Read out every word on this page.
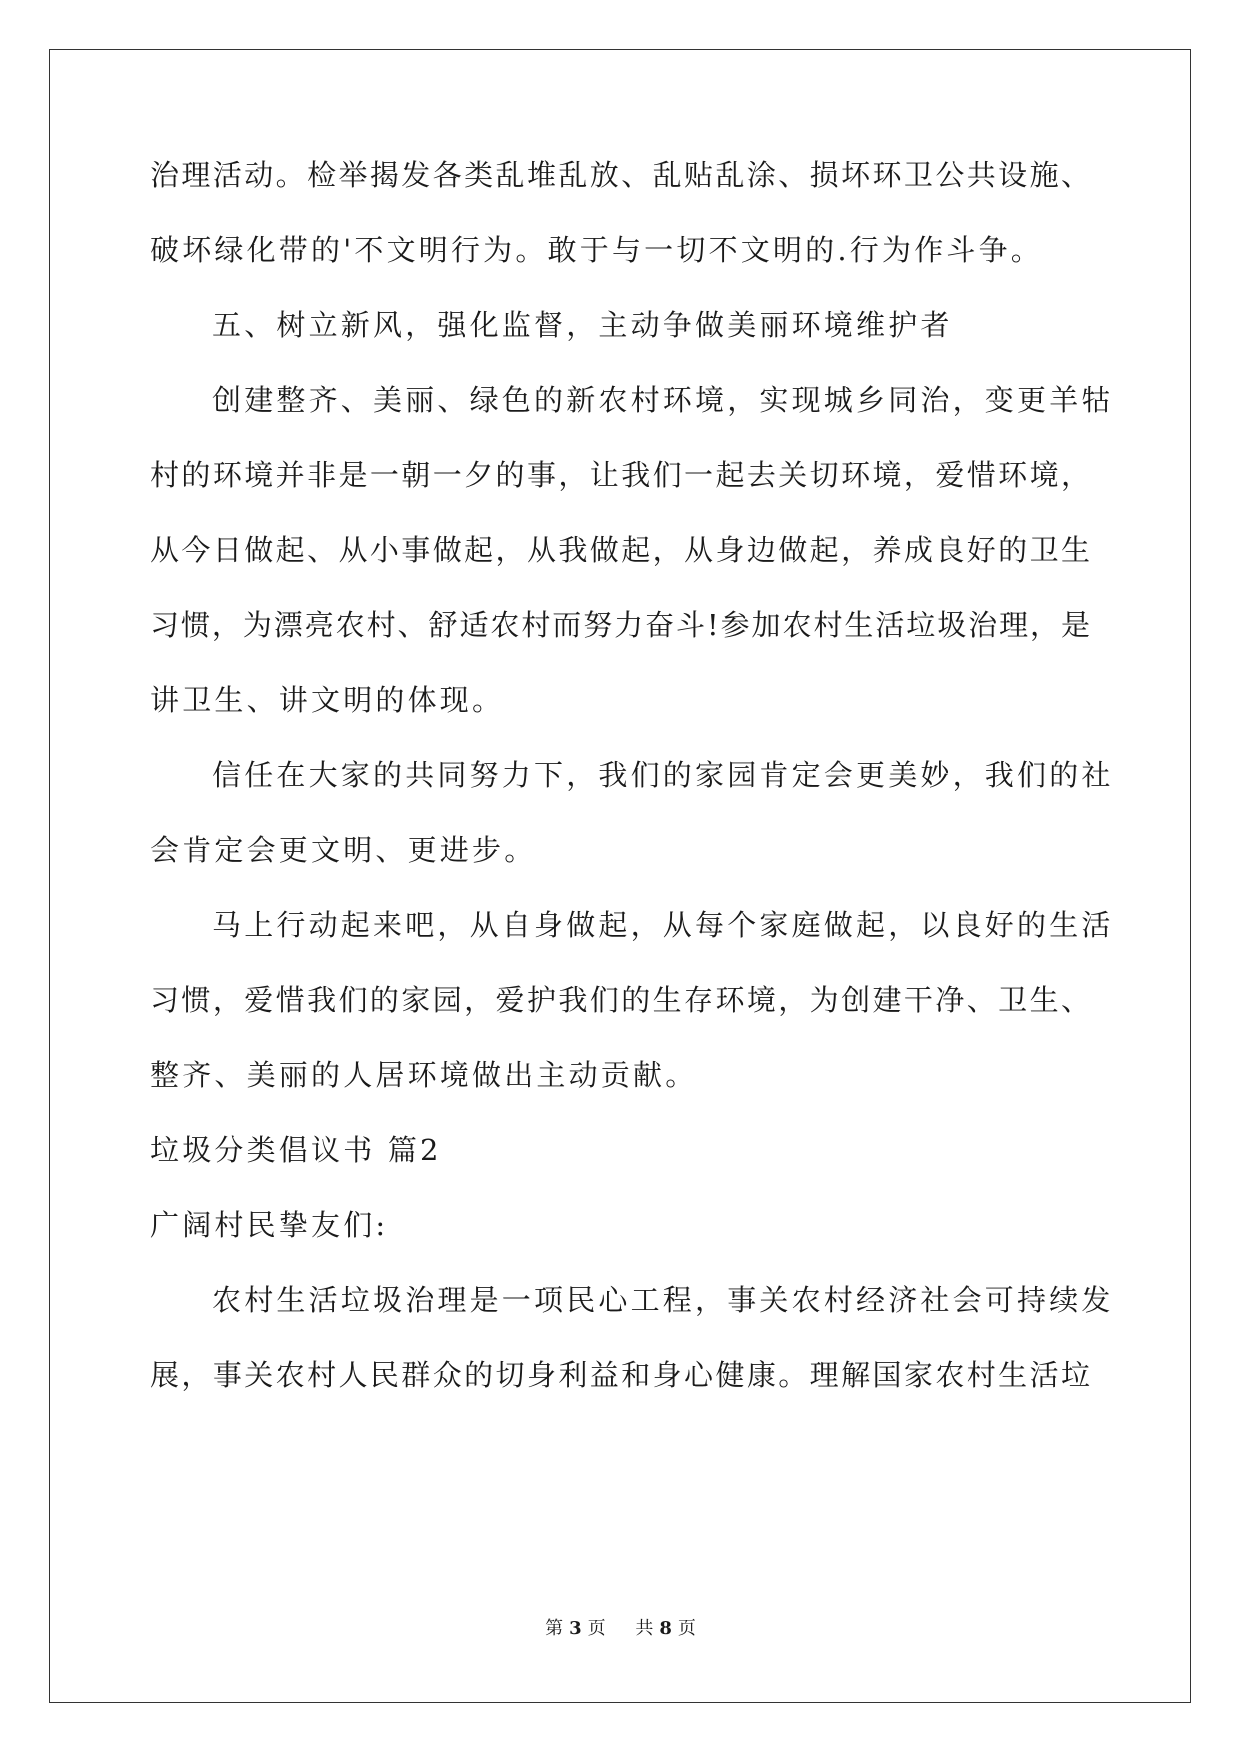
治理活动。检举揭发各类乱堆乱放、乱贴乱涂、损坏环卫公共设施、
破坏绿化带的'不文明行为。敢于与一切不文明的.行为作斗争。
五、树立新风，强化监督，主动争做美丽环境维护者
创建整齐、美丽、绿色的新农村环境，实现城乡同治，变更羊牯
村的环境并非是一朝一夕的事，让我们一起去关切环境，爱惜环境，
从今日做起、从小事做起，从我做起，从身边做起，养成良好的卫生
习惯，为漂亮农村、舒适农村而努力奋斗!参加农村生活垃圾治理，是
讲卫生、讲文明的体现。
信任在大家的共同努力下，我们的家园肯定会更美妙，我们的社
会肯定会更文明、更进步。
马上行动起来吧，从自身做起，从每个家庭做起，以良好的生活
习惯，爱惜我们的家园，爱护我们的生存环境，为创建干净、卫生、
整齐、美丽的人居环境做出主动贡献。
垃圾分类倡议书 篇2
广阔村民挚友们:
农村生活垃圾治理是一项民心工程，事关农村经济社会可持续发
展，事关农村人民群众的切身利益和身心健康。理解国家农村生活垃
第 3 页 共 8 页
